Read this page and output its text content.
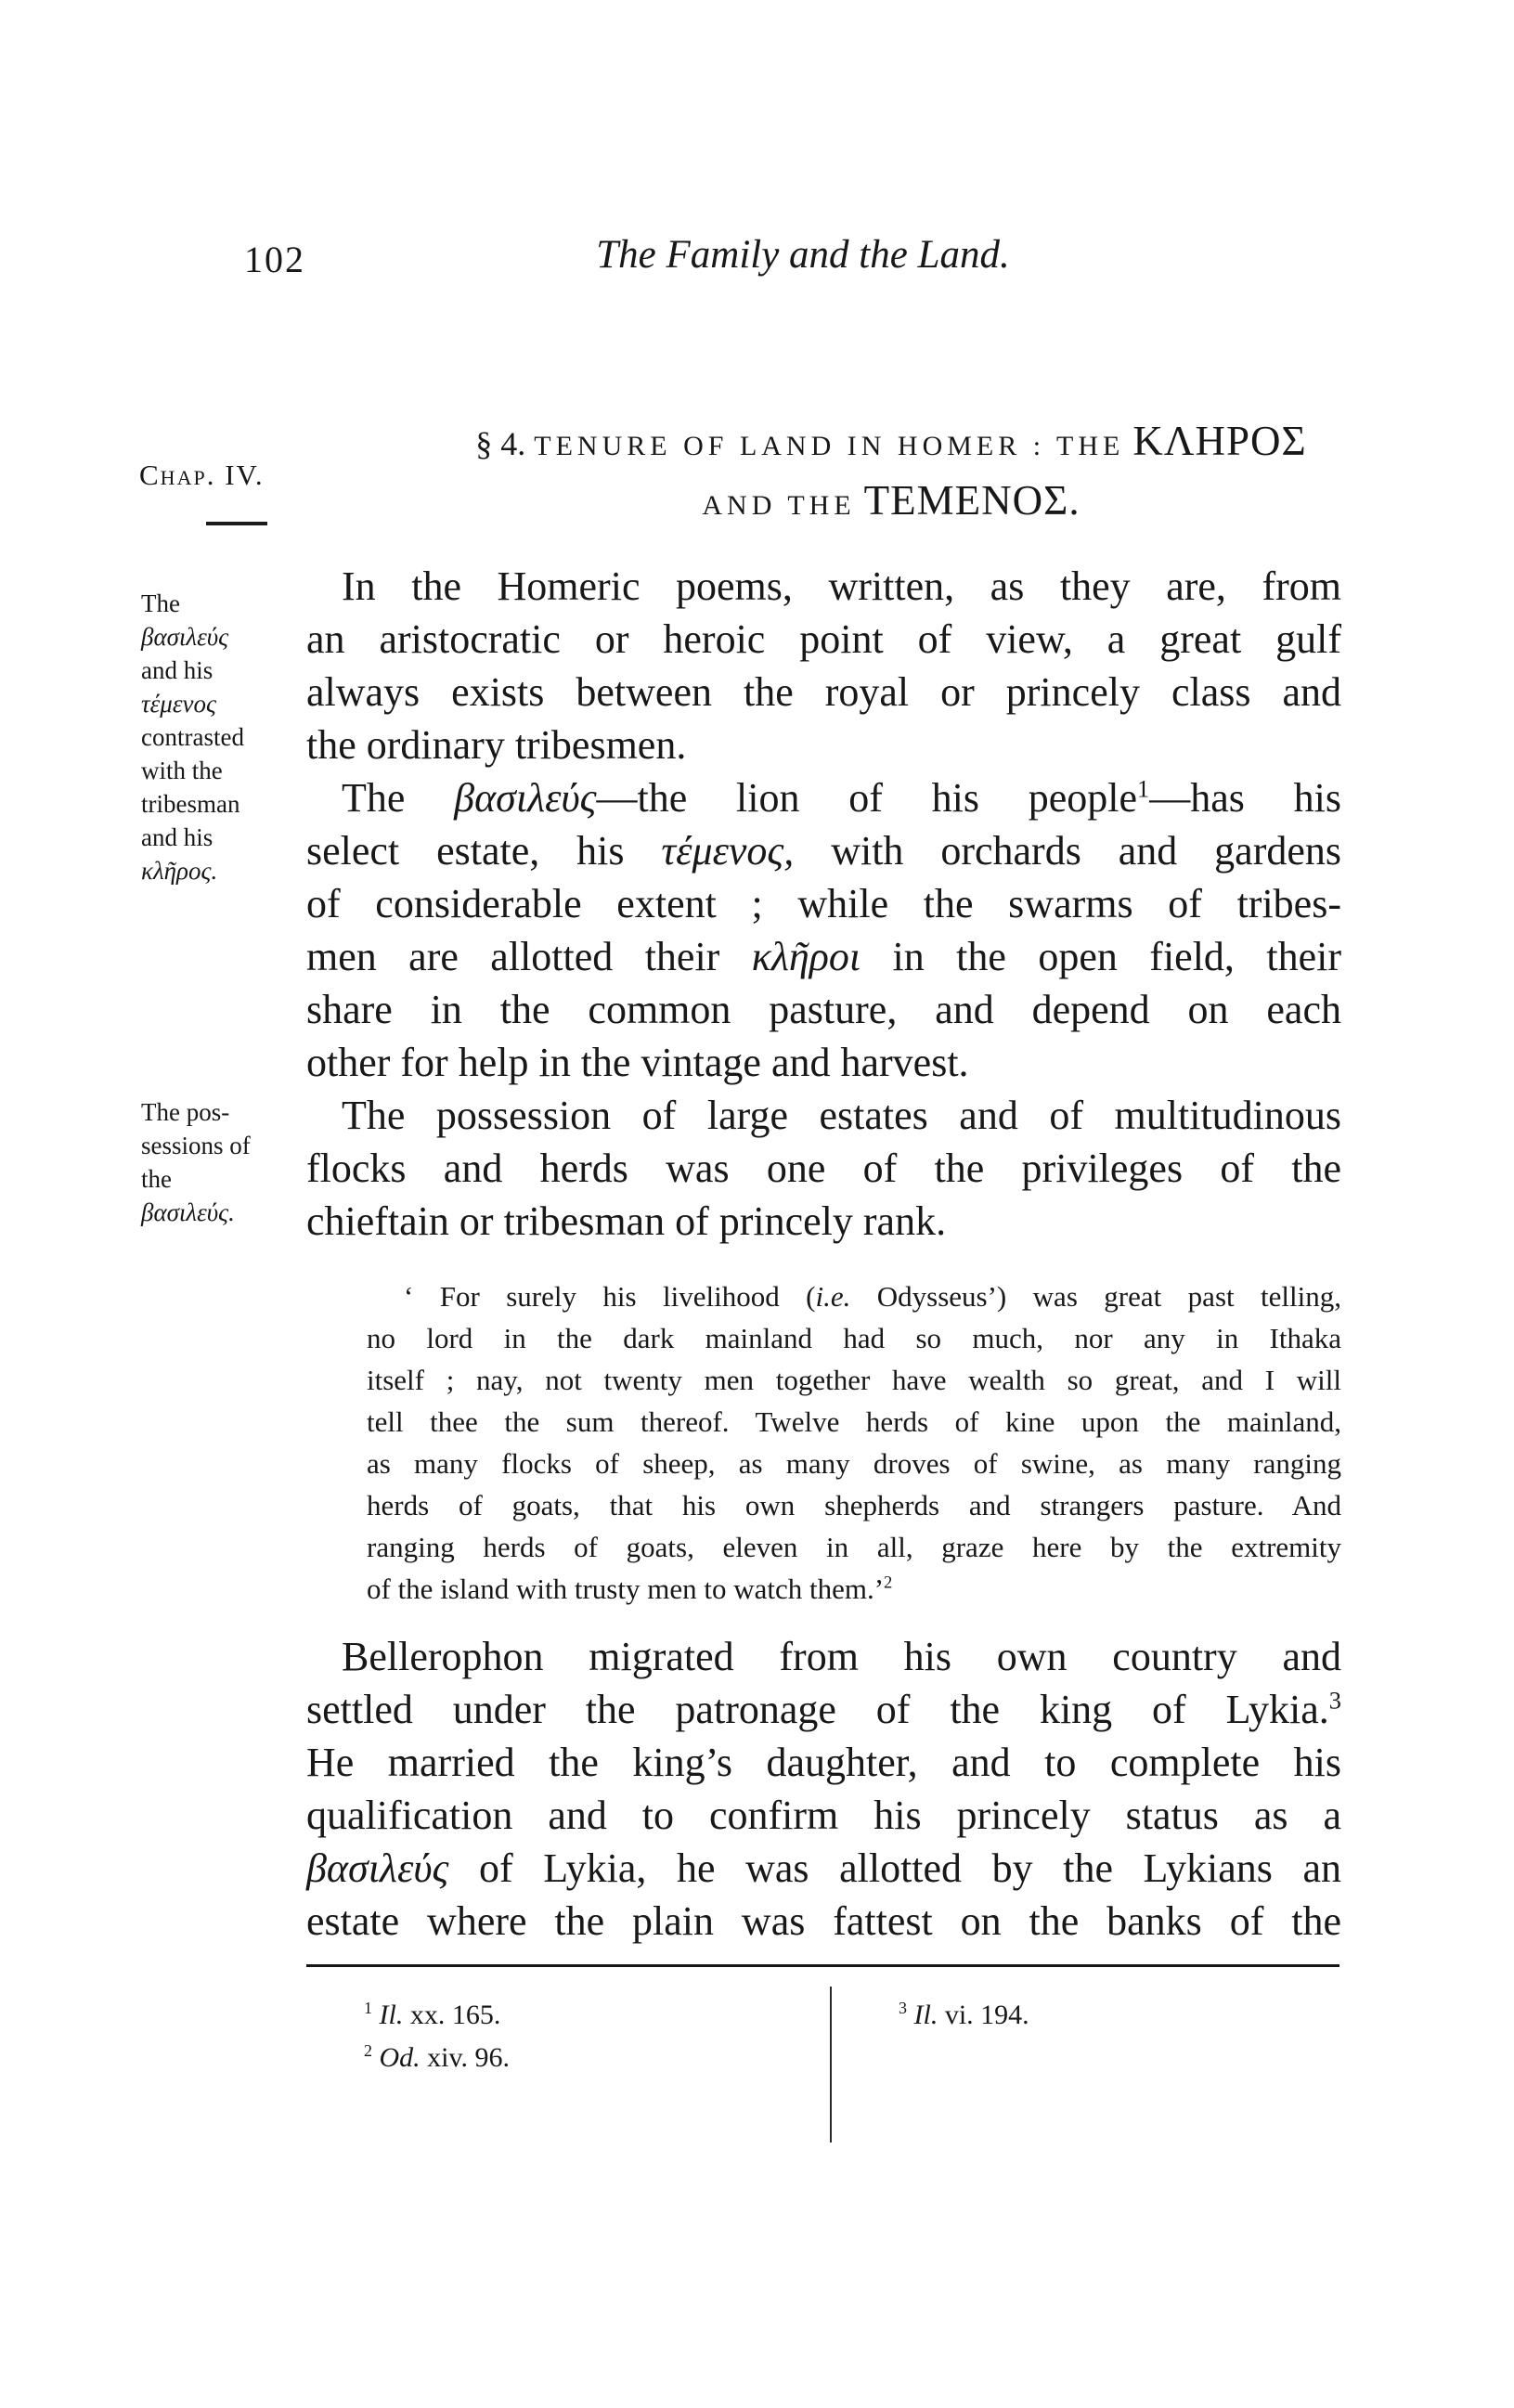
102	The Family and the Land.
Chap. IV.
§ 4. TENURE OF LAND IN HOMER : THE ΚΛΗΡΟΣ
AND THE ΤΕΜΕΝΟΣ.
The
βασιλεύς
and his
τέμενος
contrasted
with the
tribesman
and his
κλῆρος.
The pos-
sessions of
the
βασιλεύς.
In the Homeric poems, written, as they are, from
an aristocratic or heroic point of view, a great gulf
always exists between the royal or princely class and
the ordinary tribesmen.
The βασιλεύς—the lion of his people$^1$—has his
select estate, his τέμενος, with orchards and gardens
of considerable extent ; while the swarms of tribes-
men are allotted their κλῆροι in the open field, their
share in the common pasture, and depend on each
other for help in the vintage and harvest.
The possession of large estates and of multitudinous
flocks and herds was one of the privileges of the
chieftain or tribesman of princely rank.
‘ For surely his livelihood (i.e. Odysseus’) was great past telling,
no lord in the dark mainland had so much, nor any in Ithaka
itself ; nay, not twenty men together have wealth so great, and I will
tell thee the sum thereof. Twelve herds of kine upon the mainland,
as many flocks of sheep, as many droves of swine, as many ranging
herds of goats, that his own shepherds and strangers pasture. And
ranging herds of goats, eleven in all, graze here by the extremity
of the island with trusty men to watch them.’$^2$
Bellerophon migrated from his own country and
settled under the patronage of the king of Lykia.$^3$
He married the king’s daughter, and to complete his
qualification and to confirm his princely status as a
βασιλεύς of Lykia, he was allotted by the Lykians an
estate where the plain was fattest on the banks of the
$^1$ Il. xx. 165.
$^2$ Od. xiv. 96.
$^3$ Il. vi. 194.
